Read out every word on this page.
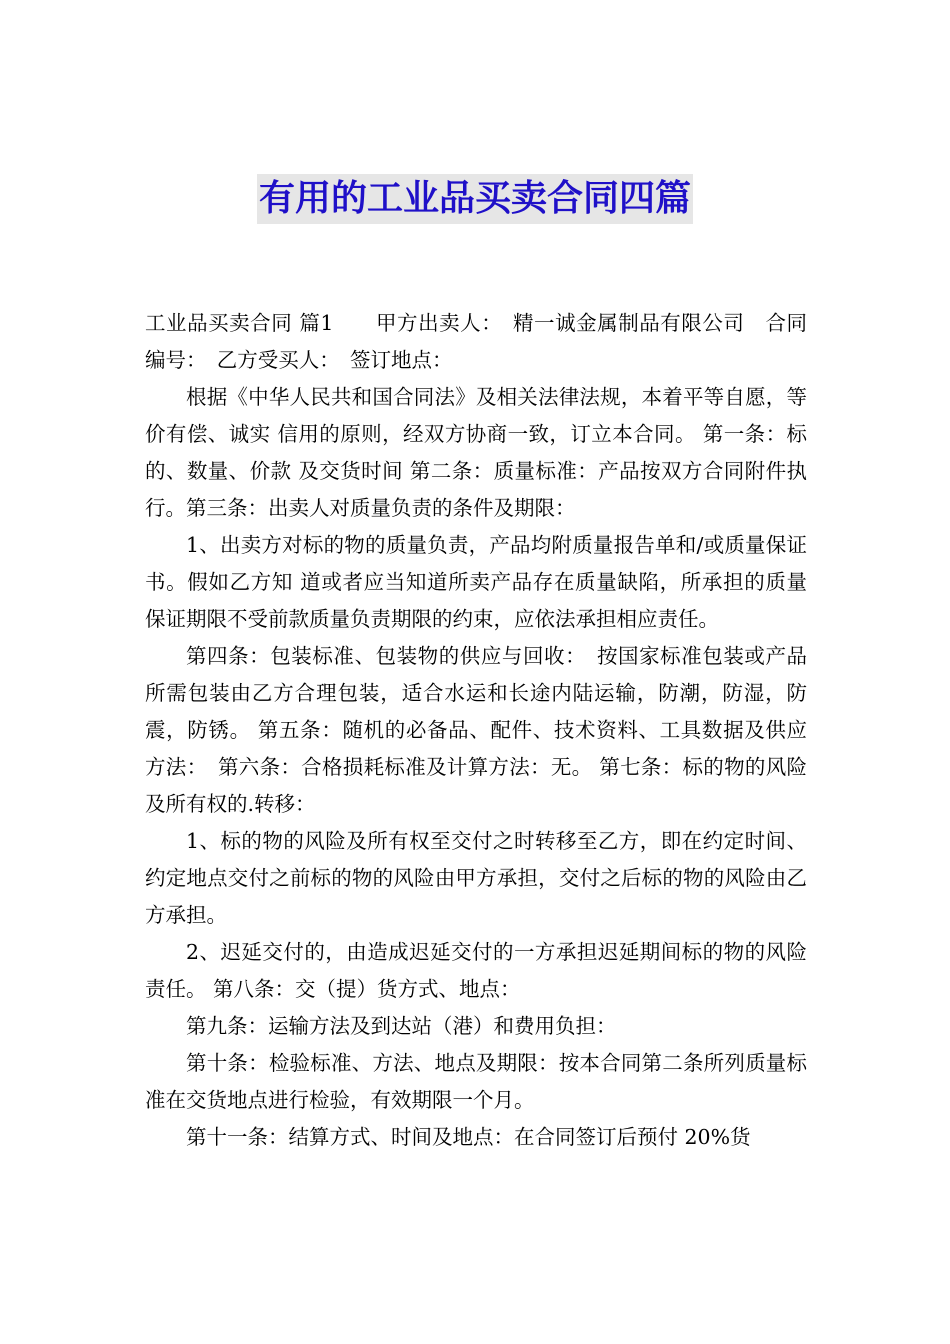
有用的工业品买卖合同四篇

工业品买卖合同 篇1　　甲方出卖人：　精一诚金属制品有限公司　合同编号：　乙方受买人：　签订地点：

根据《中华人民共和国合同法》及相关法律法规，本着平等自愿，等价有偿、诚实 信用的原则，经双方协商一致，订立本合同。 第一条：标的、数量、价款 及交货时间 第二条：质量标准：产品按双方合同附件执行。第三条：出卖人对质量负责的条件及期限：

1、出卖方对标的物的质量负责，产品均附质量报告单和/或质量保证书。假如乙方知 道或者应当知道所卖产品存在质量缺陷，所承担的质量保证期限不受前款质量负责期限的约束，应依法承担相应责任。

第四条：包装标准、包装物的供应与回收：　按国家标准包装或产品所需包装由乙方合理包装，适合水运和长途内陆运输，防潮，防湿，防震，防锈。 第五条：随机的必备品、配件、技术资料、工具数据及供应方法：　第六条：合格损耗标准及计算方法：无。 第七条：标的物的风险及所有权的.转移：

1、标的物的风险及所有权至交付之时转移至乙方，即在约定时间、约定地点交付之前标的物的风险由甲方承担，交付之后标的物的风险由乙方承担。

2、迟延交付的，由造成迟延交付的一方承担迟延期间标的物的风险责任。 第八条：交（提）货方式、地点：

第九条：运输方法及到达站（港）和费用负担：

第十条：检验标准、方法、地点及期限：按本合同第二条所列质量标准在交货地点进行检验，有效期限一个月。

第十一条：结算方式、时间及地点：在合同签订后预付 20%货
